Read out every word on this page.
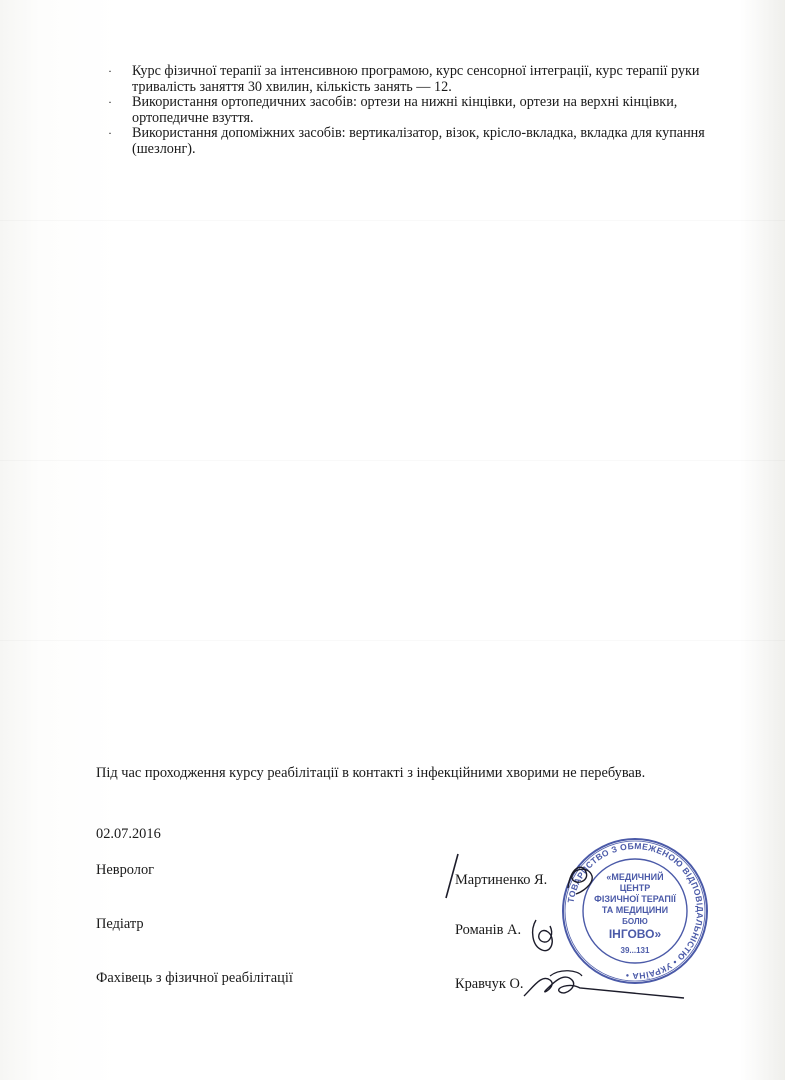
· Курс фізичної терапії за інтенсивною програмою, курс сенсорної інтеграції, курс терапії руки тривалість заняття 30 хвилин, кількість занять — 12.

· Використання ортопедичних засобів: ортези на нижні кінцівки, ортези на верхні кінцівки, ортопедичне взуття.

· Використання допоміжних засобів: вертикалізатор, візок, крісло-вкладка, вкладка для купання (шезлонг).

Під час проходження курсу реабілітації в контакті з інфекційними хворими не перебував.
02.07.2016
Невролог
Мартиненко Я.
Педіатр	Романів А.
Фахівець з фізичної реабілітації	Кравчук О.
ТОВАРИСТВО З ОБМЕЖЕНОЮ ВІДПОВІДАЛЬНІСТЮ • УКРАЇНА •
«МЕДИЧНИЙ
ЦЕНТР
ФІЗИЧНОЇ ТЕРАПІЇ
ТА МЕДИЦИНИ
БОЛЮ
ІНГОВО»
39...131
